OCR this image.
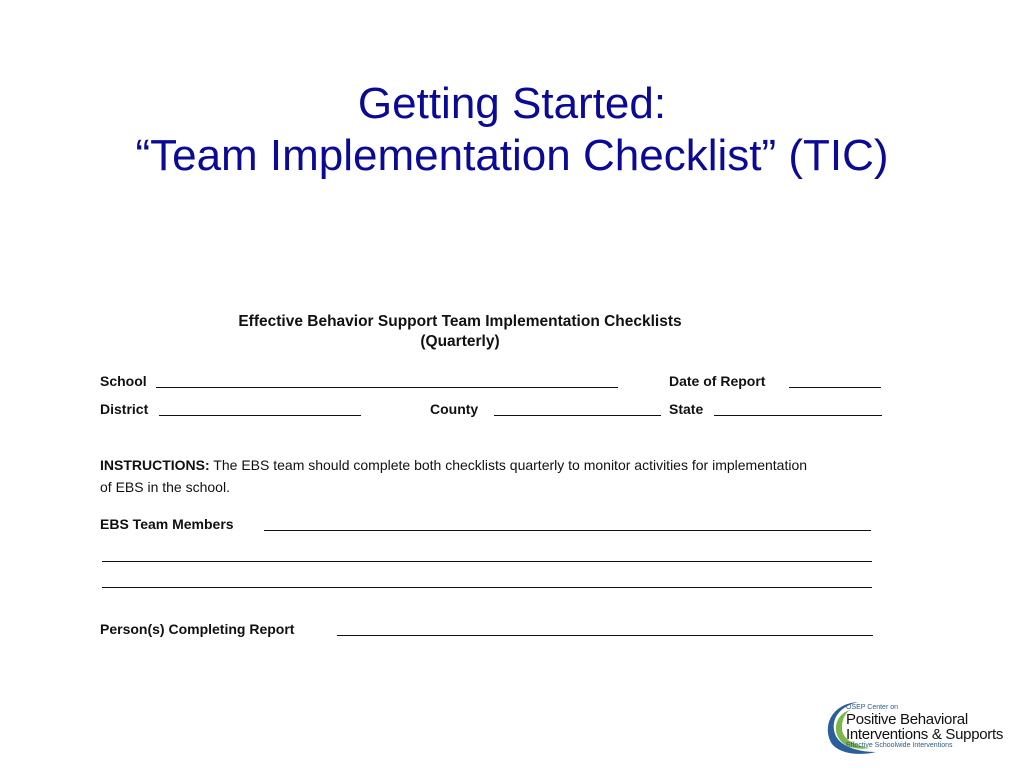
Getting Started:
“Team Implementation Checklist” (TIC)
Effective Behavior Support Team Implementation Checklists
(Quarterly)
School	Date of Report
District	County	State
INSTRUCTIONS: The EBS team should complete both checklists quarterly to monitor activities for implementation of EBS in the school.
EBS Team Members
Person(s) Completing Report
OSEP Center on
Positive Behavioral
Interventions & Supports
Effective Schoolwide Interventions
